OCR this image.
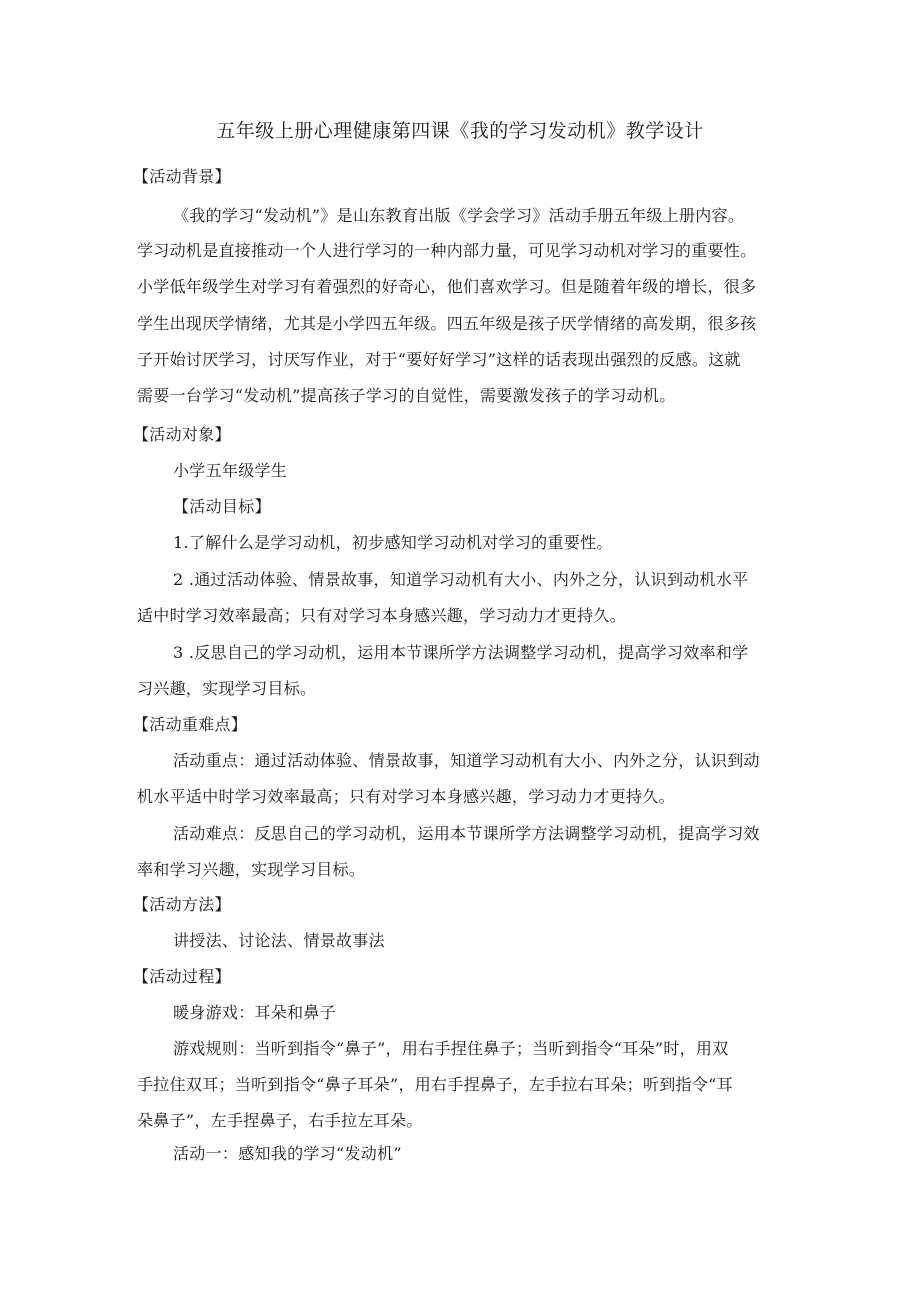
五年级上册心理健康第四课《我的学习发动机》教学设计
【活动背景】
《我的学习“发动机”》是山东教育出版《学会学习》活动手册五年级上册内容。
学习动机是直接推动一个人进行学习的一种内部力量，可见学习动机对学习的重要性。
小学低年级学生对学习有着强烈的好奇心，他们喜欢学习。但是随着年级的增长，很多
学生出现厌学情绪，尤其是小学四五年级。四五年级是孩子厌学情绪的高发期，很多孩
子开始讨厌学习，讨厌写作业，对于“要好好学习”这样的话表现出强烈的反感。这就
需要一台学习“发动机”提高孩子学习的自觉性，需要激发孩子的学习动机。
【活动对象】
小学五年级学生
【活动目标】
1.了解什么是学习动机，初步感知学习动机对学习的重要性。
2 .通过活动体验、情景故事，知道学习动机有大小、内外之分，认识到动机水平
适中时学习效率最高；只有对学习本身感兴趣，学习动力才更持久。
3 .反思自己的学习动机，运用本节课所学方法调整学习动机，提高学习效率和学
习兴趣，实现学习目标。
【活动重难点】
活动重点：通过活动体验、情景故事，知道学习动机有大小、内外之分，认识到动
机水平适中时学习效率最高；只有对学习本身感兴趣，学习动力才更持久。
活动难点：反思自己的学习动机，运用本节课所学方法调整学习动机，提高学习效
率和学习兴趣，实现学习目标。
【活动方法】
讲授法、讨论法、情景故事法
【活动过程】
暖身游戏：耳朵和鼻子
游戏规则：当听到指令“鼻子”，用右手捏住鼻子；当听到指令“耳朵”时，用双
手拉住双耳；当听到指令“鼻子耳朵”，用右手捏鼻子，左手拉右耳朵；听到指令“耳
朵鼻子”，左手捏鼻子，右手拉左耳朵。
活动一：感知我的学习“发动机”
